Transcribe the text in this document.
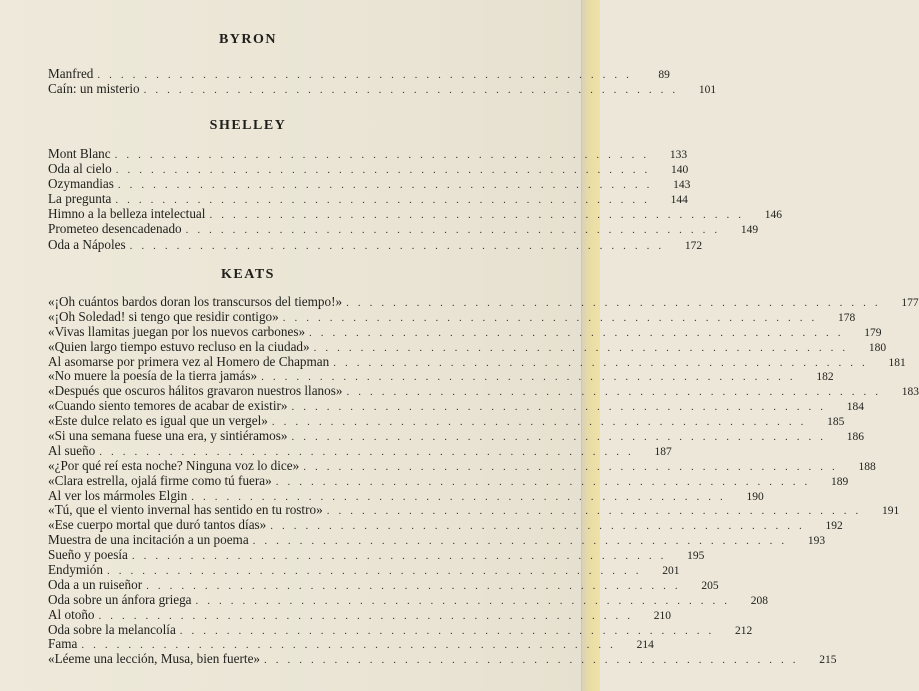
BYRON
Manfred ..............................................	89
Caín: un misterio ..............................................	101
SHELLEY
Mont Blanc ..............................................	133
Oda al cielo ..............................................	140
Ozymandias ..............................................	143
La pregunta ..............................................	144
Himno a la belleza intelectual ..............................................	146
Prometeo desencadenado ..............................................	149
Oda a Nápoles ..............................................	172
KEATS
«¡Oh cuántos bardos doran los transcursos del tiempo!» ..............................................	177
«¡Oh Soledad! si tengo que residir contigo» ..............................................	178
«Vivas llamitas juegan por los nuevos carbones» ..............................................	179
«Quien largo tiempo estuvo recluso en la ciudad» ..............................................	180
Al asomarse por primera vez al Homero de Chapman ..............................................	181
«No muere la poesía de la tierra jamás» ..............................................	182
«Después que oscuros hálitos gravaron nuestros llanos» ..............................................	183
«Cuando siento temores de acabar de existir» ..............................................	184
«Este dulce relato es igual que un vergel» ..............................................	185
«Si una semana fuese una era, y sintiéramos» ..............................................	186
Al sueño ..............................................	187
«¿Por qué reí esta noche? Ninguna voz lo dice» ..............................................	188
«Clara estrella, ojalá firme como tú fuera» ..............................................	189
Al ver los mármoles Elgin ..............................................	190
«Tú, que el viento invernal has sentido en tu rostro» ..............................................	191
«Ese cuerpo mortal que duró tantos días» ..............................................	192
Muestra de una incitación a un poema ..............................................	193
Sueño y poesía ..............................................	195
Endymión ..............................................	201
Oda a un ruiseñor ..............................................	205
Oda sobre un ánfora griega ..............................................	208
Al otoño ..............................................	210
Oda sobre la melancolía ..............................................	212
Fama ..............................................	214
«Léeme una lección, Musa, bien fuerte» ..............................................	215
